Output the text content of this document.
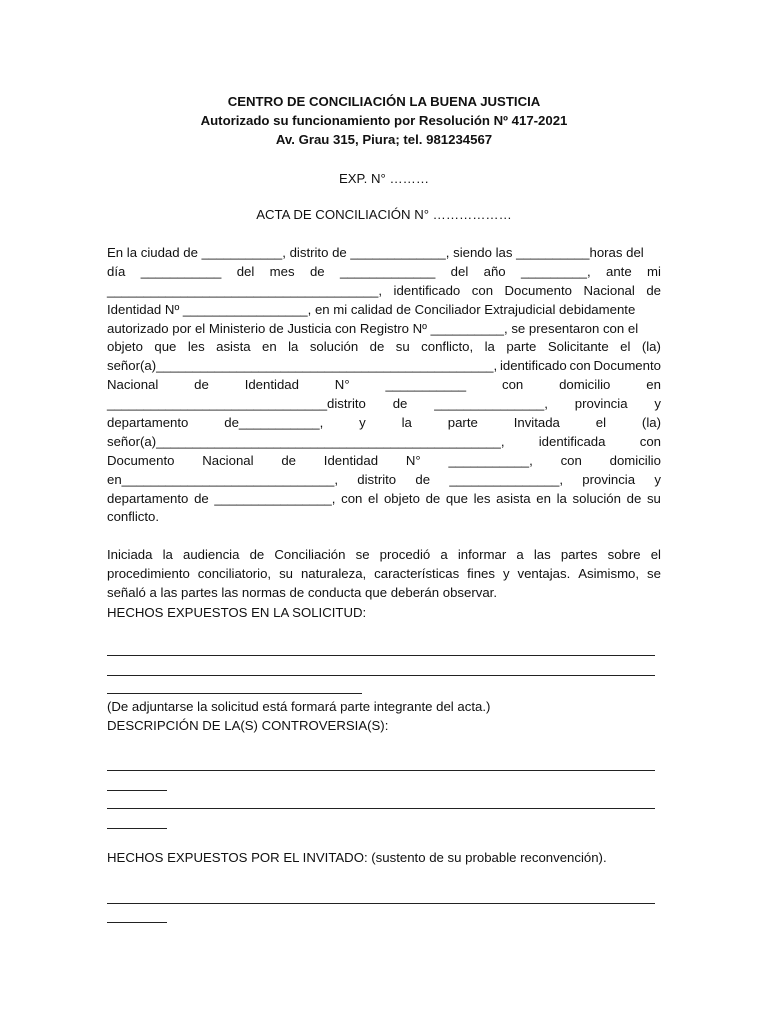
CENTRO DE CONCILIACIÓN LA BUENA JUSTICIA
Autorizado su funcionamiento por Resolución Nº 417-2021
Av. Grau 315, Piura; tel. 981234567
EXP. N° ………
ACTA DE CONCILIACIÓN N° ………………
En la ciudad de ___________, distrito de _____________, siendo las __________horas del
día ___________ del mes de _____________ del año _________, ante mi
_____________________________________, identificado con Documento Nacional de
Identidad Nº _________________, en mi calidad de Conciliador Extrajudicial debidamente
autorizado por el Ministerio de Justicia con Registro Nº __________, se presentaron con el
objeto que les asista en la solución de su conflicto, la parte Solicitante el (la)
señor(a)______________________________________________, identificado con Documento
Nacional	de	Identidad	N°	___________	con	domicilio	en
______________________________distrito de _______________, provincia y
departamento	de___________,	y	la	parte	Invitada	el	(la)
señor(a)_______________________________________________,	identificada	con
Documento Nacional de Identidad N° ___________, con domicilio
en_____________________________, distrito de _______________, provincia y
departamento de ________________, con el objeto de que les asista en la solución de su
conflicto.
Iniciada la audiencia de Conciliación se procedió a informar a las partes sobre el
procedimiento conciliatorio, su naturaleza, características fines y ventajas. Asimismo, se
señaló a las partes las normas de conducta que deberán observar.
HECHOS EXPUESTOS EN LA SOLICITUD:
(De adjuntarse la solicitud está formará parte integrante del acta.)
DESCRIPCIÓN DE LA(S) CONTROVERSIA(S):
HECHOS EXPUESTOS POR EL INVITADO: (sustento de su probable reconvención).
